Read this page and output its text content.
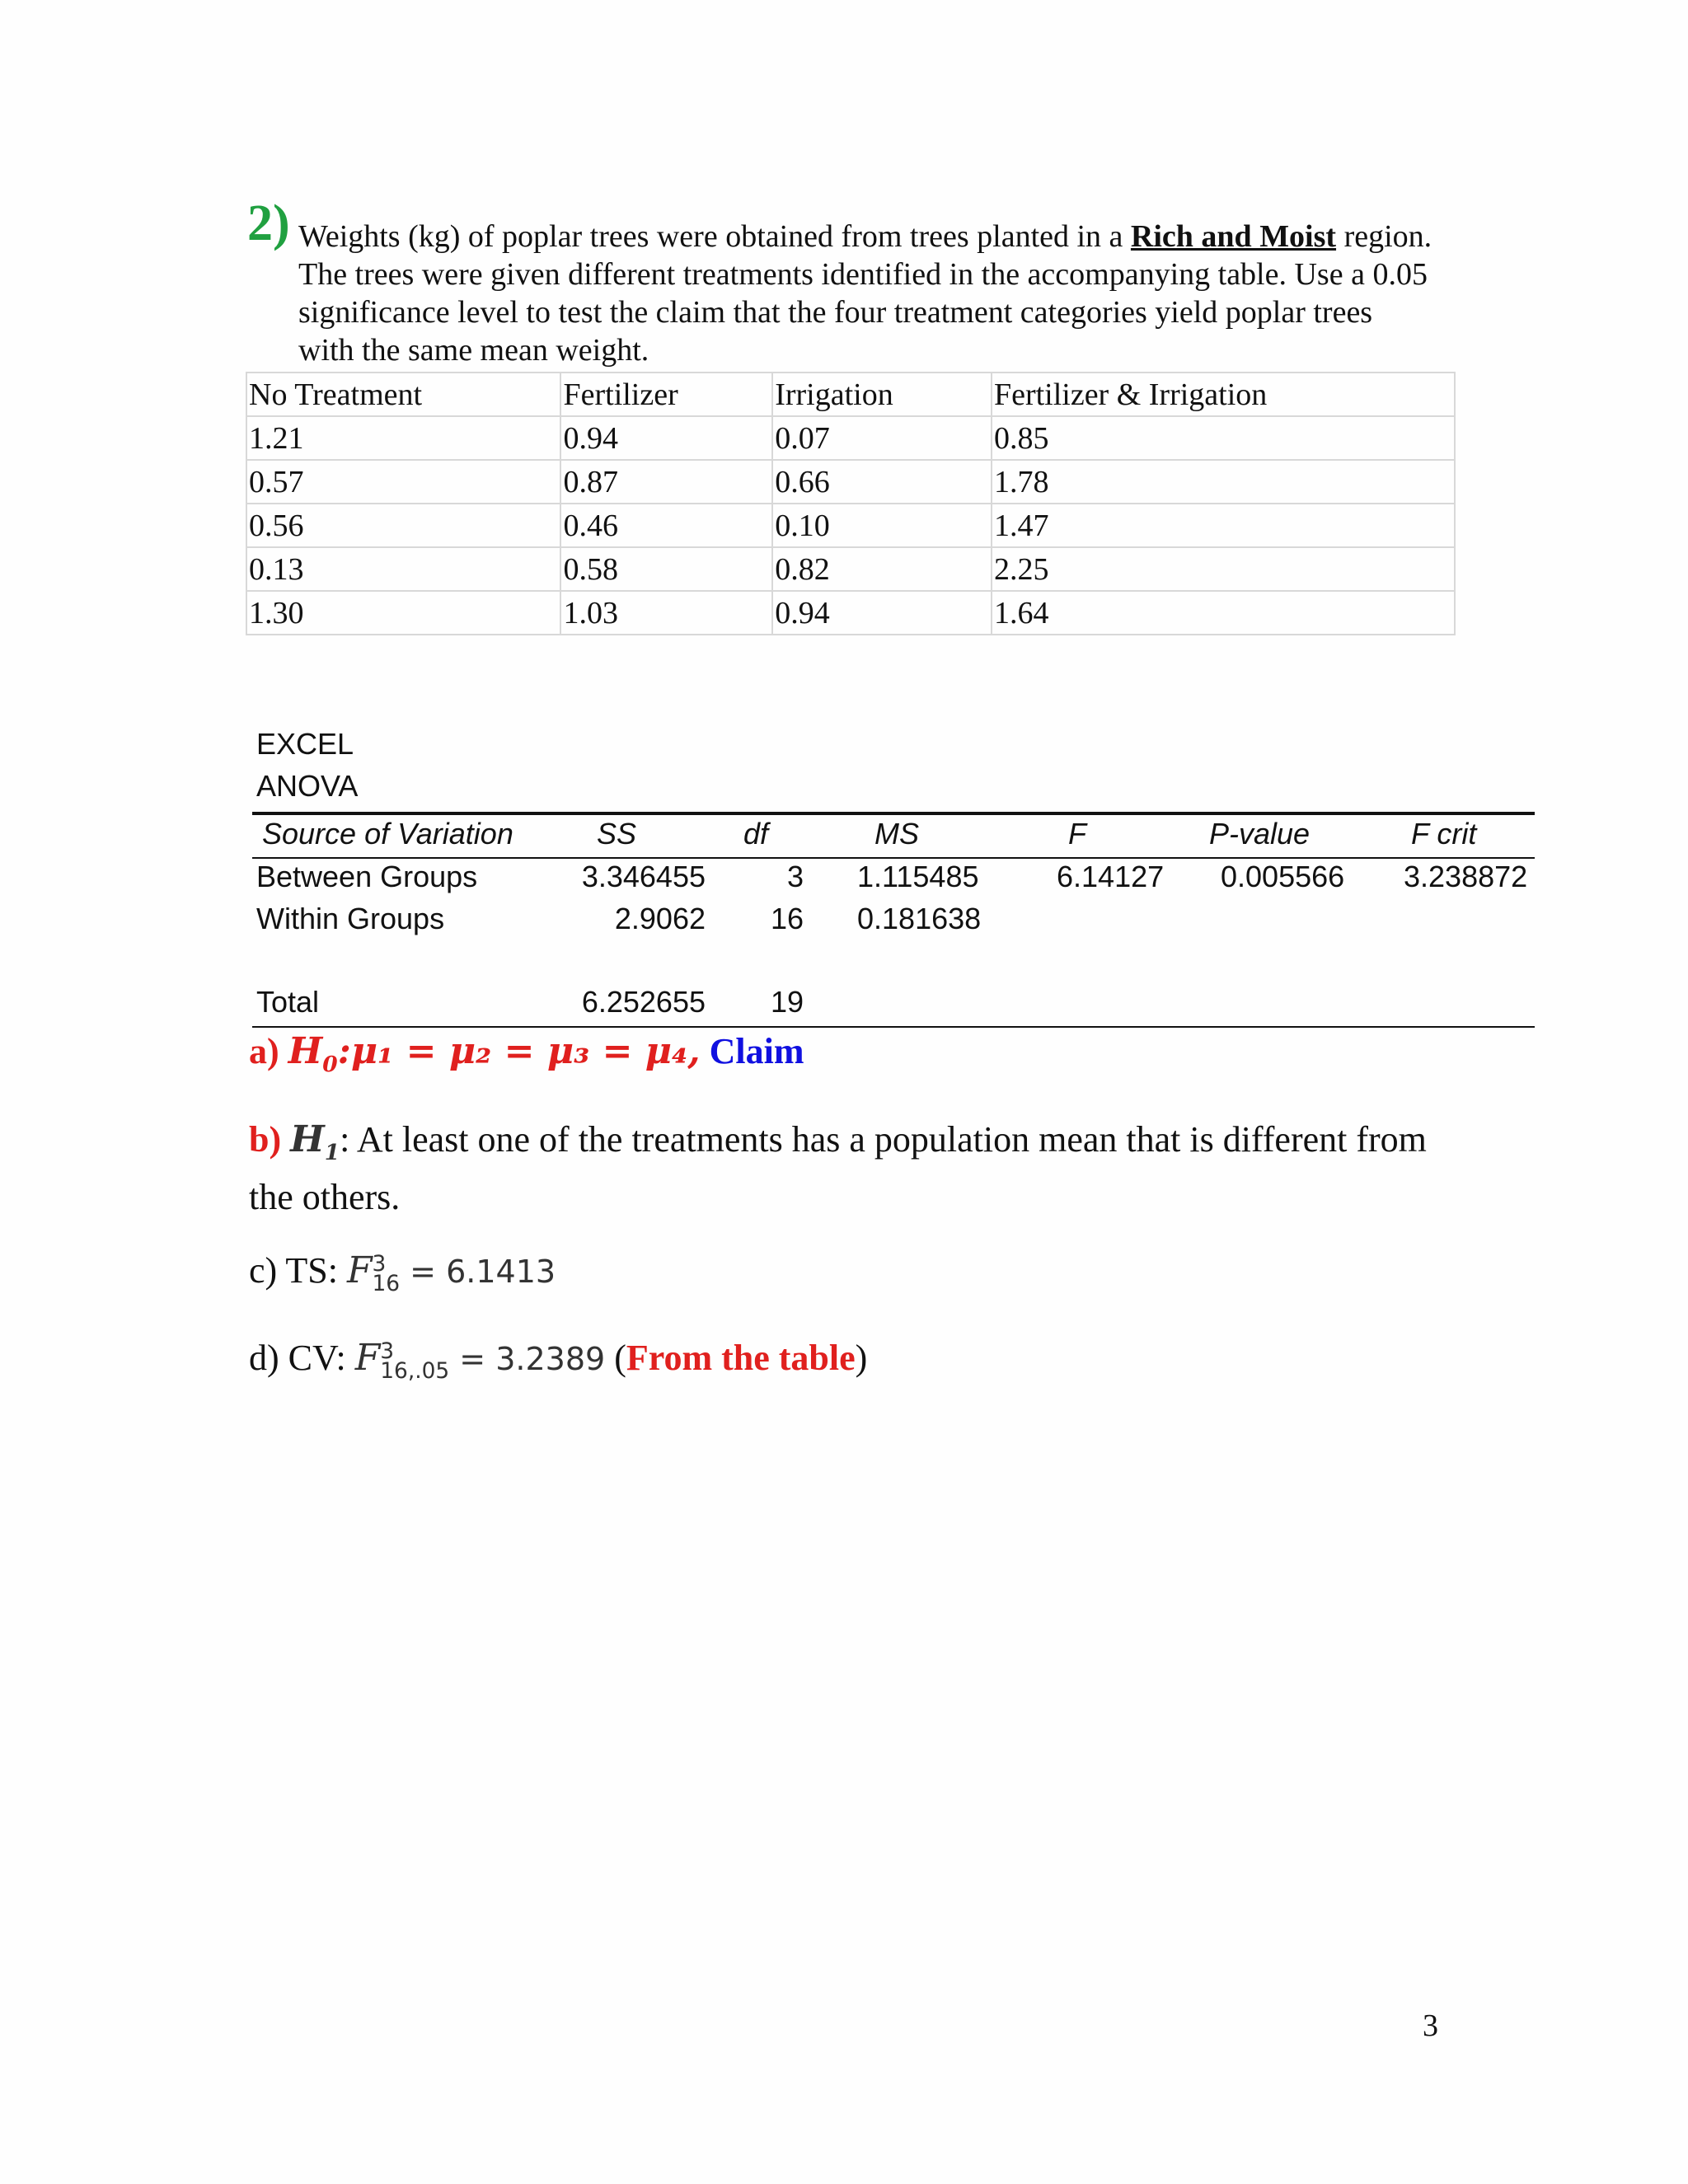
2) Weights (kg) of poplar trees were obtained from trees planted in a Rich and Moist region. The trees were given different treatments identified in the accompanying table. Use a 0.05 significance level to test the claim that the four treatment categories yield poplar trees with the same mean weight.
No Treatment	Fertilizer	Irrigation	Fertilizer & Irrigation
1.21	0.94	0.07	0.85
0.57	0.87	0.66	1.78
0.56	0.46	0.10	1.47
0.13	0.58	0.82	2.25
1.30	1.03	0.94	1.64
EXCEL
ANOVA
Source of Variation	SS	df	MS	F	P-value	F crit
Between Groups	3.346455	3 1.115485	6.14127 0.005566 3.238872
Within Groups	2.9062	16 0.181638
Total	6.252655	19
a) $H_0:\mu_1 = \mu_2 = \mu_3 = \mu_4$, Claim
b) $H_1$: At least one of the treatments has a population mean that is different from the others.
c) TS: F 3
16 = 6.1413
d) CV: F 3
16,.05 = 3.2389 (From the table)
3
